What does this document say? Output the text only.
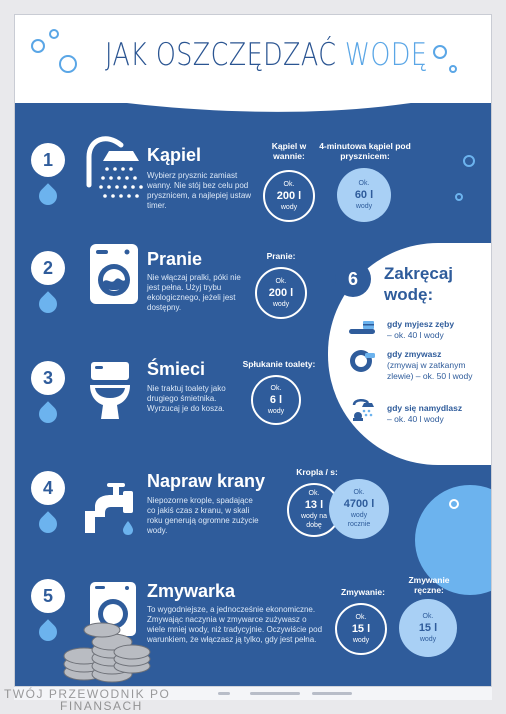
JAK OSZCZĘDZAĆ WODĘ
1	Kąpiel
Wybierz prysznic zamiast wanny. Nie stój bez celu pod prysznicem, a najlepiej ustaw timer.
Kąpiel w wannie:
Ok.
200 l
wody
4-minutowa kąpiel pod prysznicem:
Ok.
60 l
wody
2	Pranie
Nie włączaj pralki, póki nie jest pełna. Użyj trybu ekologicznego, jeżeli jest dostępny.
Pranie:
Ok.
200 l
wody
3	Śmieci
Nie traktuj toalety jako drugiego śmietnika. Wyrzucaj je do kosza.
Spłukanie toalety:
Ok.
6 l
wody
6	Zakręcaj
wodę:
gdy myjesz zęby
– ok. 40 l wody
gdy zmywasz
(zmywaj w zatkanym zlewie) – ok. 50 l wody
gdy się namydlasz
– ok. 40 l wody
4	Napraw krany
Niepozorne krople, spadające co jakiś czas z kranu, w skali roku generują ogromne zużycie wody.
Kropla / s:
Ok.
13 l
wody na dobę
Ok.
4700 l
wody rocznie
5	Zmywarka
To wygodniejsze, a jednocześnie ekonomiczne. Zmywając naczynia w zmywarce zużywasz o wiele mniej wody, niż tradycyjnie. Oczywiście pod warunkiem, że włączasz ją tylko, gdy jest pełna.
Zmywanie:
Ok.
15 l
wody
Zmywanie ręczne:
Ok.
15 l
wody
TWÓJ PRZEWODNIK PO
FINANSACH
